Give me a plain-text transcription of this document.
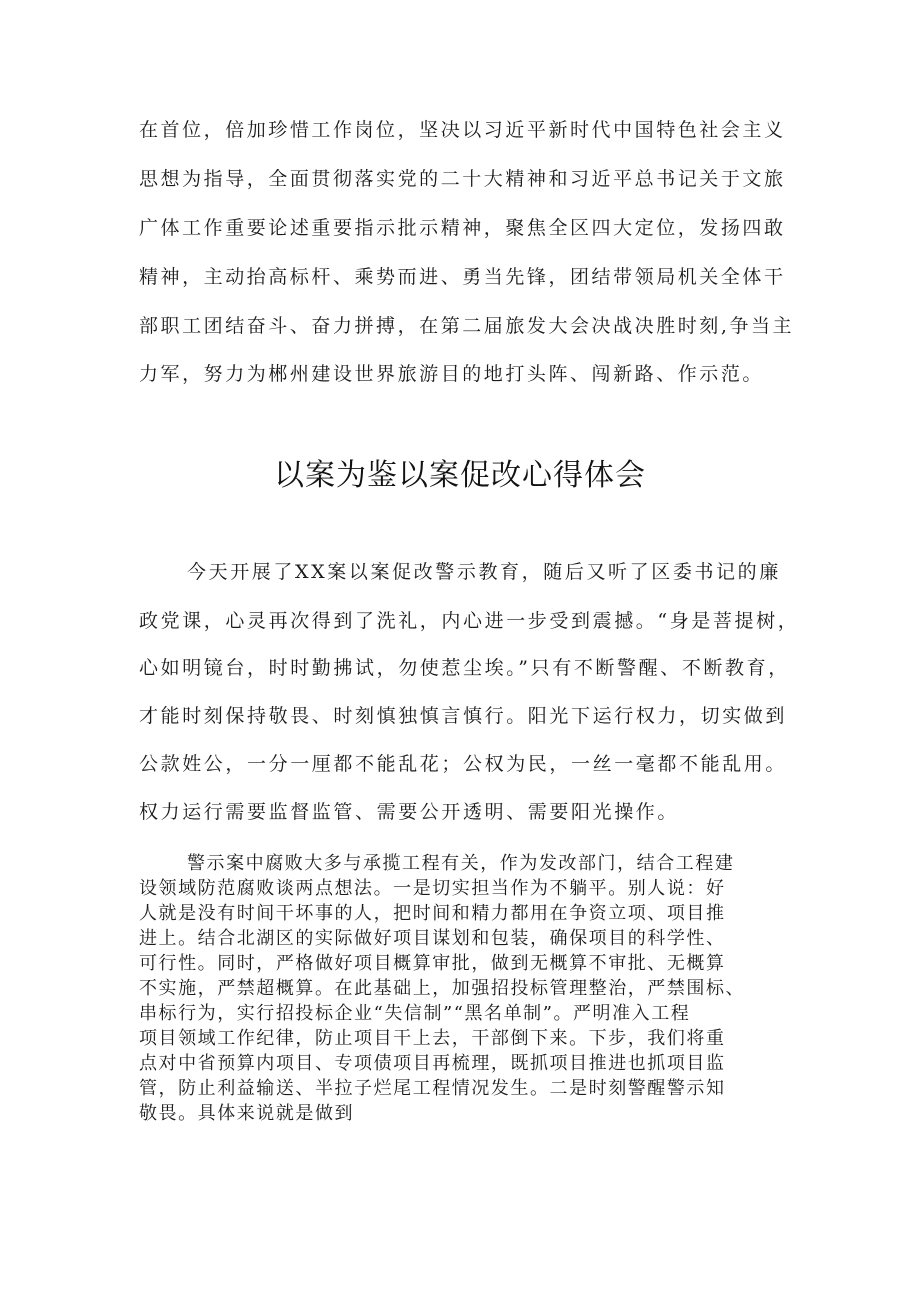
在首位，倍加珍惜工作岗位，坚决以习近平新时代中国特色社会主义
思想为指导，全面贯彻落实党的二十大精神和习近平总书记关于文旅
广体工作重要论述重要指示批示精神，聚焦全区四大定位，发扬四敢
精神，主动抬高标杆、乘势而进、勇当先锋，团结带领局机关全体干
部职工团结奋斗、奋力拼搏，在第二届旅发大会决战决胜时刻,争当主
力军，努力为郴州建设世界旅游目的地打头阵、闯新路、作示范。
以案为鉴以案促改心得体会
今天开展了XX案以案促改警示教育，随后又听了区委书记的廉
政党课，心灵再次得到了洗礼，内心进一步受到震撼。“身是菩提树，
心如明镜台，时时勤拂试，勿使惹尘埃。”只有不断警醒、不断教育，
才能时刻保持敬畏、时刻慎独慎言慎行。阳光下运行权力，切实做到
公款姓公，一分一厘都不能乱花；公权为民，一丝一毫都不能乱用。
权力运行需要监督监管、需要公开透明、需要阳光操作。
警示案中腐败大多与承揽工程有关，作为发改部门，结合工程建
设领域防范腐败谈两点想法。一是切实担当作为不躺平。别人说：好
人就是没有时间干坏事的人，把时间和精力都用在争资立项、项目推
进上。结合北湖区的实际做好项目谋划和包装，确保项目的科学性、
可行性。同时，严格做好项目概算审批，做到无概算不审批、无概算
不实施，严禁超概算。在此基础上，加强招投标管理整治，严禁围标、
串标行为，实行招投标企业“失信制”“黑名单制”。严明准入工程
项目领域工作纪律，防止项目干上去，干部倒下来。下步，我们将重
点对中省预算内项目、专项债项目再梳理，既抓项目推进也抓项目监
管，防止利益输送、半拉子烂尾工程情况发生。二是时刻警醒警示知
敬畏。具体来说就是做到
